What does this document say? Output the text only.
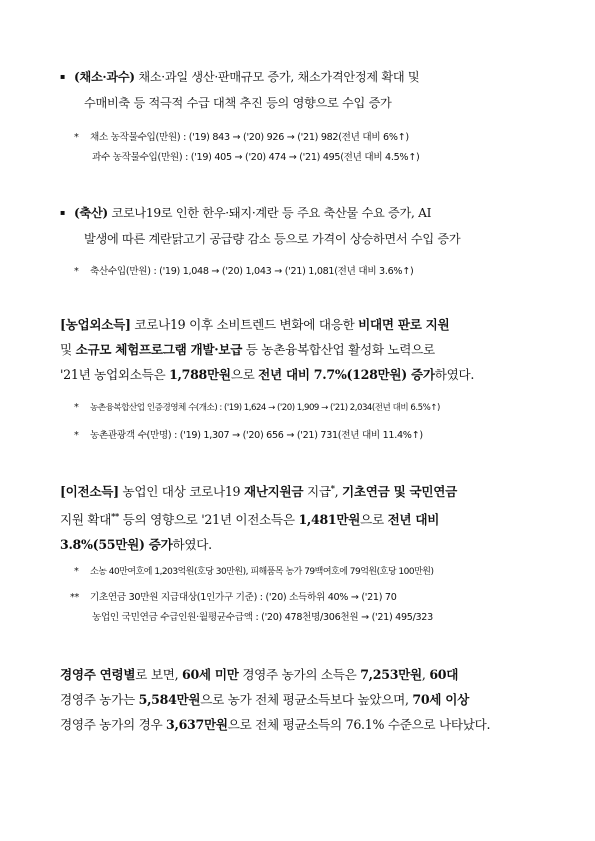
▪ (채소·과수) 채소·과일 생산·판매규모 증가, 채소가격안정제 확대 및
수매비축 등 적극적 수급 대책 추진 등의 영향으로 수입 증가
* 채소 농작물수입(만원) : ('19) 843 → ('20) 926 → ('21) 982(전년 대비 6%↑)
과수 농작물수입(만원) : ('19) 405 → ('20) 474 → ('21) 495(전년 대비 4.5%↑)
▪ (축산) 코로나19로 인한 한우·돼지·계란 등 주요 축산물 수요 증가, AI
발생에 따른 계란닭고기 공급량 감소 등으로 가격이 상승하면서 수입 증가
* 축산수입(만원) : ('19) 1,048 → ('20) 1,043 → ('21) 1,081(전년 대비 3.6%↑)
[농업외소득] 코로나19 이후 소비트렌드 변화에 대응한 비대면 판로 지원
및 소규모 체험프로그램 개발·보급 등 농촌융복합산업 활성화 노력으로
'21년 농업외소득은 1,788만원으로 전년 대비 7.7%(128만원) 증가하였다.
* 농촌융복합산업 인증경영체 수(개소) : ('19) 1,624 → ('20) 1,909 → ('21) 2,034(전년 대비 6.5%↑)
* 농촌관광객 수(만명) : ('19) 1,307 → ('20) 656 → ('21) 731(전년 대비 11.4%↑)
[이전소득] 농업인 대상 코로나19 재난지원금 지급*, 기초연금 및 국민연금
지원 확대** 등의 영향으로 '21년 이전소득은 1,481만원으로 전년 대비
3.8%(55만원) 증가하였다.
* 소농 40만여호에 1,203억원(호당 30만원), 피해품목 농가 79백여호에 79억원(호당 100만원)
** 기초연금 30만원 지급대상(1인가구 기준) : ('20) 소득하위 40% → ('21) 70
농업인 국민연금 수급인원·월평균수급액 : ('20) 478천명/306천원 → ('21) 495/323
경영주 연령별로 보면, 60세 미만 경영주 농가의 소득은 7,253만원, 60대
경영주 농가는 5,584만원으로 농가 전체 평균소득보다 높았으며, 70세 이상
경영주 농가의 경우 3,637만원으로 전체 평균소득의 76.1% 수준으로 나타났다.
